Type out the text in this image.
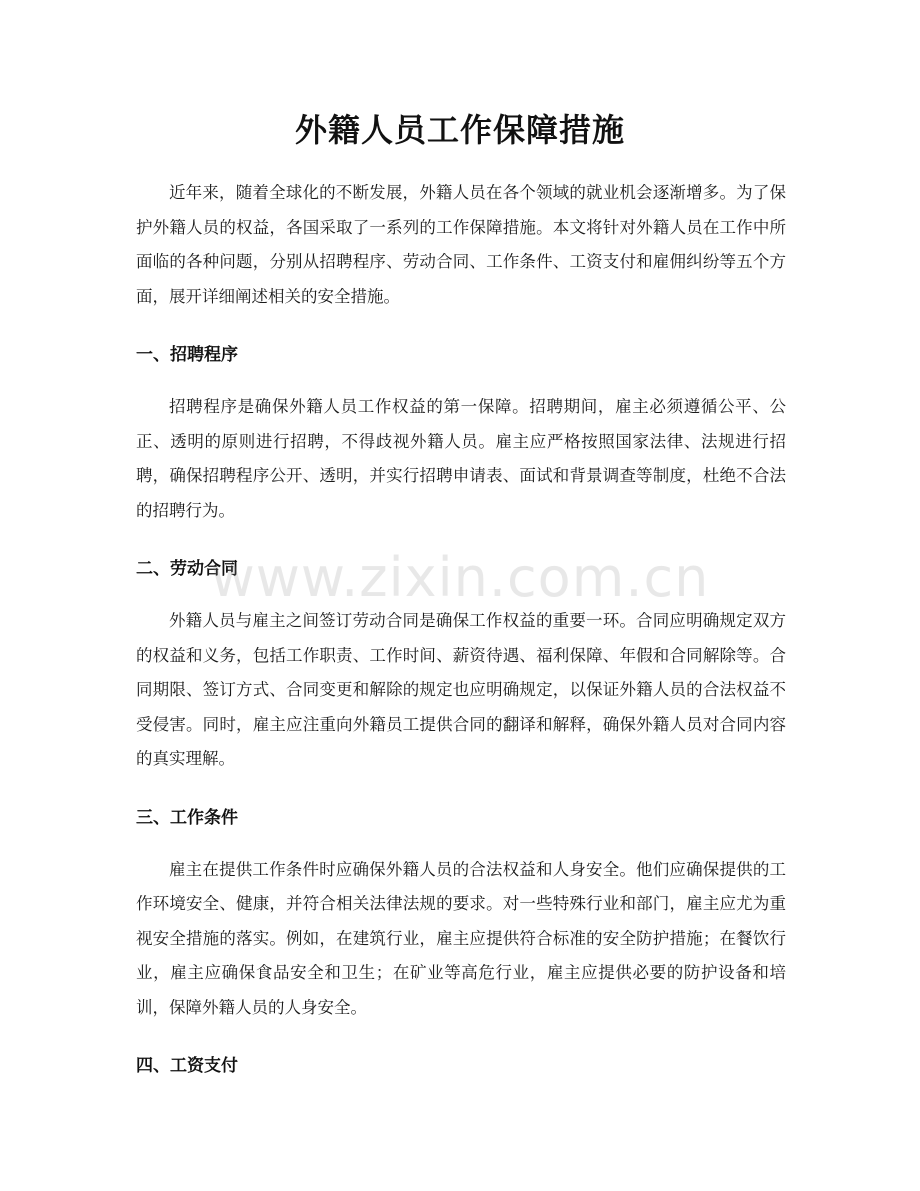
外籍人员工作保障措施

近年来，随着全球化的不断发展，外籍人员在各个领域的就业机会逐渐增多。为了保护外籍人员的权益，各国采取了一系列的工作保障措施。本文将针对外籍人员在工作中所面临的各种问题，分别从招聘程序、劳动合同、工作条件、工资支付和雇佣纠纷等五个方面，展开详细阐述相关的安全措施。

一、招聘程序

招聘程序是确保外籍人员工作权益的第一保障。招聘期间，雇主必须遵循公平、公正、透明的原则进行招聘，不得歧视外籍人员。雇主应严格按照国家法律、法规进行招聘，确保招聘程序公开、透明，并实行招聘申请表、面试和背景调查等制度，杜绝不合法的招聘行为。

二、劳动合同

外籍人员与雇主之间签订劳动合同是确保工作权益的重要一环。合同应明确规定双方的权益和义务，包括工作职责、工作时间、薪资待遇、福利保障、年假和合同解除等。合同期限、签订方式、合同变更和解除的规定也应明确规定，以保证外籍人员的合法权益不受侵害。同时，雇主应注重向外籍员工提供合同的翻译和解释，确保外籍人员对合同内容的真实理解。

三、工作条件

雇主在提供工作条件时应确保外籍人员的合法权益和人身安全。他们应确保提供的工作环境安全、健康，并符合相关法律法规的要求。对一些特殊行业和部门，雇主应尤为重视安全措施的落实。例如，在建筑行业，雇主应提供符合标准的安全防护措施；在餐饮行业，雇主应确保食品安全和卫生；在矿业等高危行业，雇主应提供必要的防护设备和培训，保障外籍人员的人身安全。

四、工资支付
www.zixin.com.cn
